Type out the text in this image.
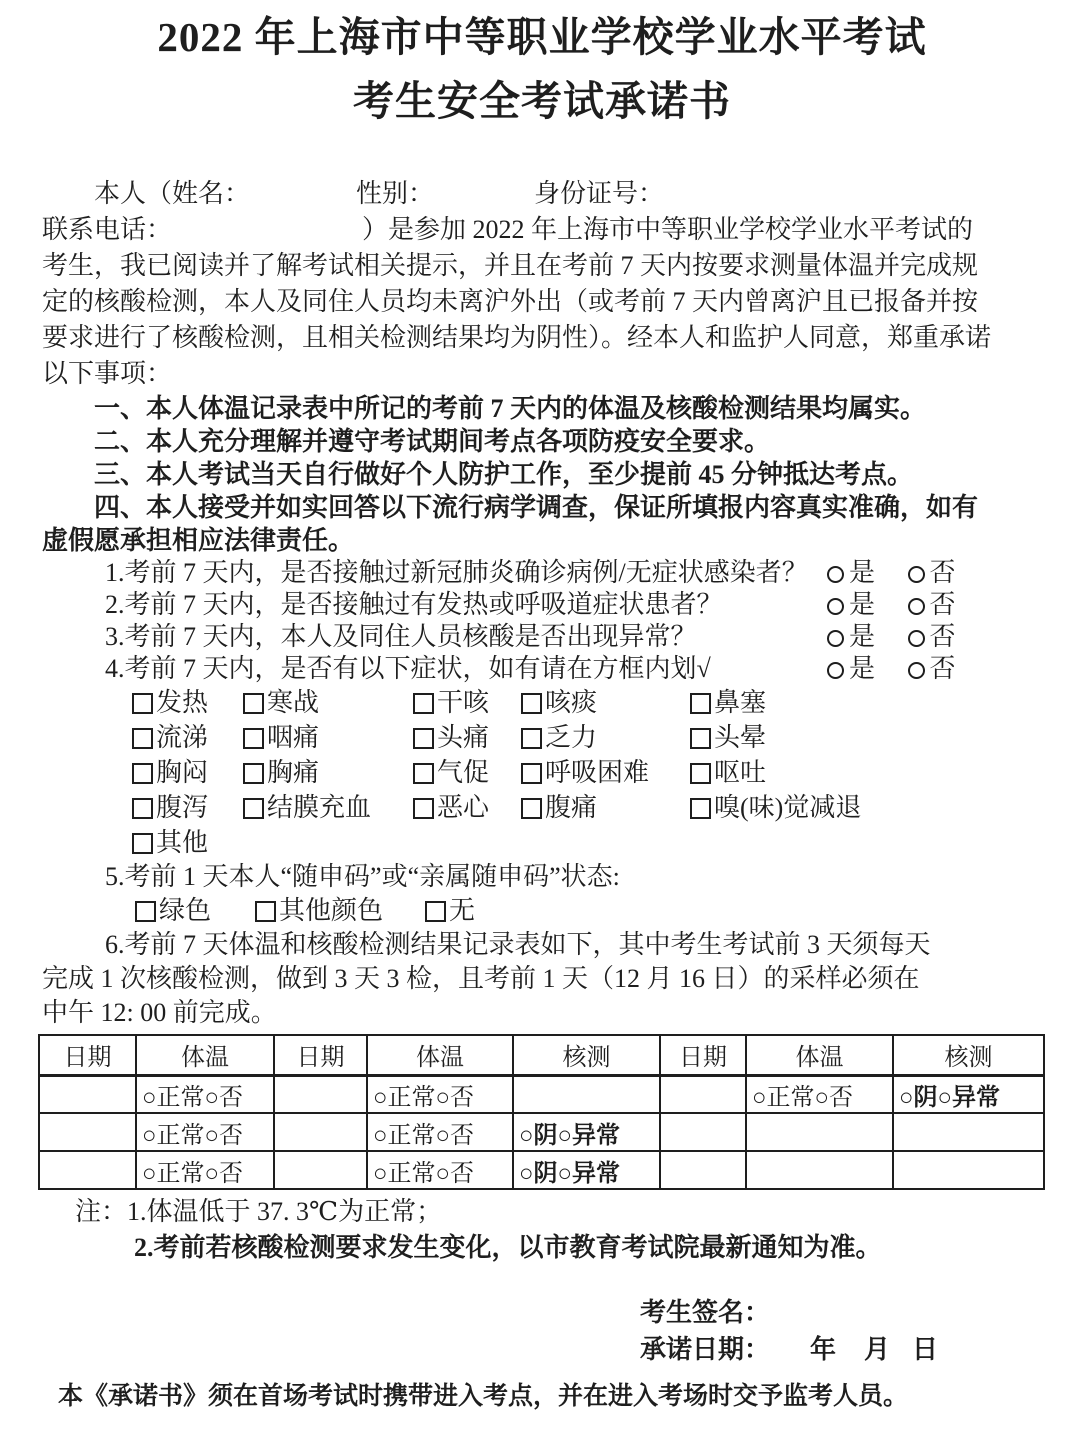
2022 年上海市中等职业学校学业水平考试
考生安全考试承诺书
本人（姓名：	性别：	身份证号：
联系电话：	）是参加 2022 年上海市中等职业学校学业水平考试的
考生，我已阅读并了解考试相关提示，并且在考前 7 天内按要求测量体温并完成规
定的核酸检测，本人及同住人员均未离沪外出（或考前 7 天内曾离沪且已报备并按
要求进行了核酸检测，且相关检测结果均为阴性）。经本人和监护人同意，郑重承诺
以下事项：
一、本人体温记录表中所记的考前 7 天内的体温及核酸检测结果均属实。
二、本人充分理解并遵守考试期间考点各项防疫安全要求。
三、本人考试当天自行做好个人防护工作，至少提前 45 分钟抵达考点。
四、本人接受并如实回答以下流行病学调查，保证所填报内容真实准确，如有
虚假愿承担相应法律责任。
1.考前 7 天内，是否接触过新冠肺炎确诊病例/无症状感染者？	是 否
2.考前 7 天内，是否接触过有发热或呼吸道症状患者？	是 否
3.考前 7 天内，本人及同住人员核酸是否出现异常？	是 否
4.考前 7 天内，是否有以下症状，如有请在方框内划√	是 否
发热	寒战	干咳	咳痰	鼻塞
流涕	咽痛	头痛	乏力	头晕
胸闷	胸痛	气促	呼吸困难	呕吐
腹泻	结膜充血	恶心	腹痛	嗅(味)觉减退
其他
5.考前 1 天本人“随申码”或“亲属随申码”状态:
绿色	其他颜色	无
6.考前 7 天体温和核酸检测结果记录表如下，其中考生考试前 3 天须每天
完成 1 次核酸检测，做到 3 天 3 检，且考前 1 天（12 月 16 日）的采样必须在
中午 12: 00 前完成。
日期	体温	日期	体温	核测	日期	体温	核测
	○正常○否		○正常○否			○正常○否	○阴○异常
	○正常○否		○正常○否	○阴○异常			
	○正常○否		○正常○否	○阴○异常			
注：1.体温低于 37. 3℃为正常；
2.考前若核酸检测要求发生变化，以市教育考试院最新通知为准。
考生签名：
承诺日期： 年 月 日
本《承诺书》须在首场考试时携带进入考点，并在进入考场时交予监考人员。
